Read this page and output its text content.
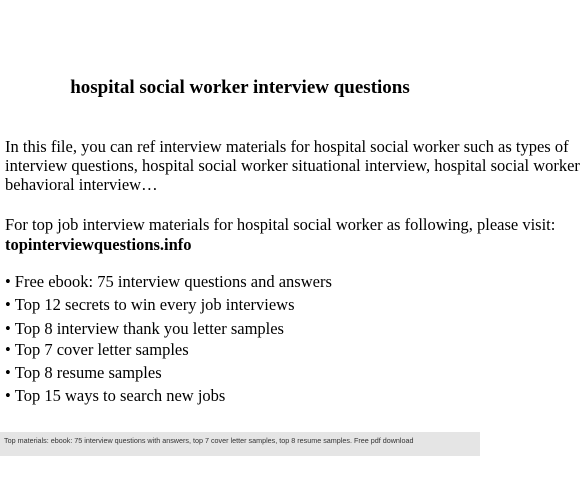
hospital social worker interview questions
In this file, you can ref interview materials for hospital social worker such as types of
interview questions, hospital social worker situational interview, hospital social worker
behavioral interview…
For top job interview materials for hospital social worker as following, please visit:
topinterviewquestions.info
• Free ebook: 75 interview questions and answers
• Top 12 secrets to win every job interviews
• Top 8 interview thank you letter samples
• Top 7 cover letter samples
• Top 8 resume samples
• Top 15 ways to search new jobs
Top materials: ebook: 75 interview questions with answers, top 7 cover letter samples, top 8 resume samples. Free pdf download
